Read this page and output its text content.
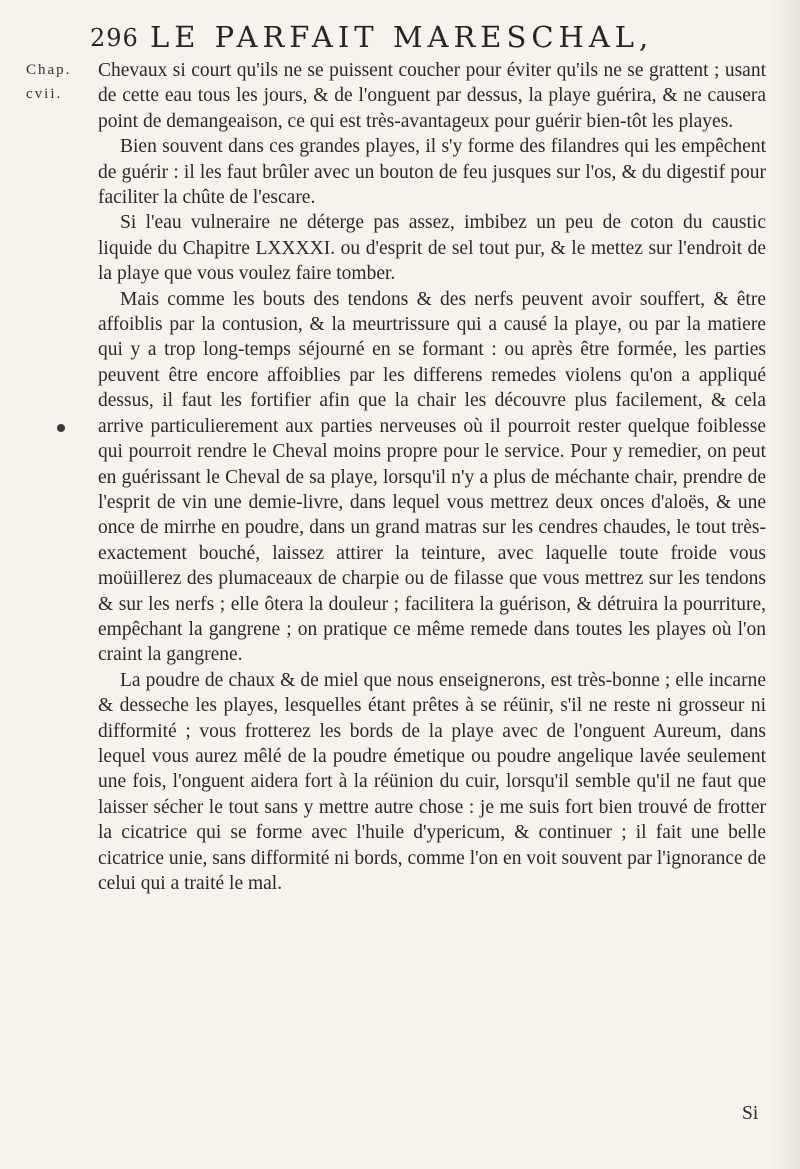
296 LE PARFAIT MARESCHAL,
Chap.
cvii.

Chevaux si court qu'ils ne se puissent coucher pour éviter qu'ils ne se grattent ; usant de cette eau tous les jours, & de l'onguent par dessus, la playe guérira, & ne causera point de demangeaison, ce qui est très-avantageux pour guérir bien-tôt les playes.

Bien souvent dans ces grandes playes, il s'y forme des filandres qui les empêchent de guérir : il les faut brûler avec un bouton de feu jusques sur l'os, & du digestif pour faciliter la chûte de l'escare.

Si l'eau vulneraire ne déterge pas assez, imbibez un peu de coton du caustic liquide du Chapitre LXXXXI. ou d'esprit de sel tout pur, & le mettez sur l'endroit de la playe que vous voulez faire tomber.

Mais comme les bouts des tendons & des nerfs peuvent avoir souffert, & être affoiblis par la contusion, & la meurtrissure qui a causé la playe, ou par la matiere qui y a trop long-temps séjourné en se formant : ou après être formée, les parties peuvent être encore affoiblies par les differens remedes violens qu'on a appliqué dessus, il faut les fortifier afin que la chair les découvre plus facilement, & cela arrive particulierement aux parties nerveuses où il pourroit rester quelque foiblesse qui pourroit rendre le Cheval moins propre pour le service. Pour y remedier, on peut en guérissant le Cheval de sa playe, lorsqu'il n'y a plus de méchante chair, prendre de l'esprit de vin une demie-livre, dans lequel vous mettrez deux onces d'aloës, & une once de mirrhe en poudre, dans un grand matras sur les cendres chaudes, le tout très-exactement bouché, laissez attirer la teinture, avec laquelle toute froide vous moüillerez des plumaceaux de charpie ou de filasse que vous mettrez sur les tendons & sur les nerfs ; elle ôtera la douleur ; facilitera la guérison, & détruira la pourriture, empêchant la gangrene ; on pratique ce même remede dans toutes les playes où l'on craint la gangrene.

La poudre de chaux & de miel que nous enseignerons, est très-bonne ; elle incarne & desseche les playes, lesquelles étant prêtes à se réünir, s'il ne reste ni grosseur ni difformité ; vous frotterez les bords de la playe avec de l'onguent Aureum, dans lequel vous aurez mêlé de la poudre émetique ou poudre angelique lavée seulement une fois, l'onguent aidera fort à la réünion du cuir, lorsqu'il semble qu'il ne faut que laisser sécher le tout sans y mettre autre chose : je me suis fort bien trouvé de frotter la cicatrice qui se forme avec l'huile d'ypericum, & continuer ; il fait une belle cicatrice unie, sans difformité ni bords, comme l'on en voit souvent par l'ignorance de celui qui a traité le mal.

Si
